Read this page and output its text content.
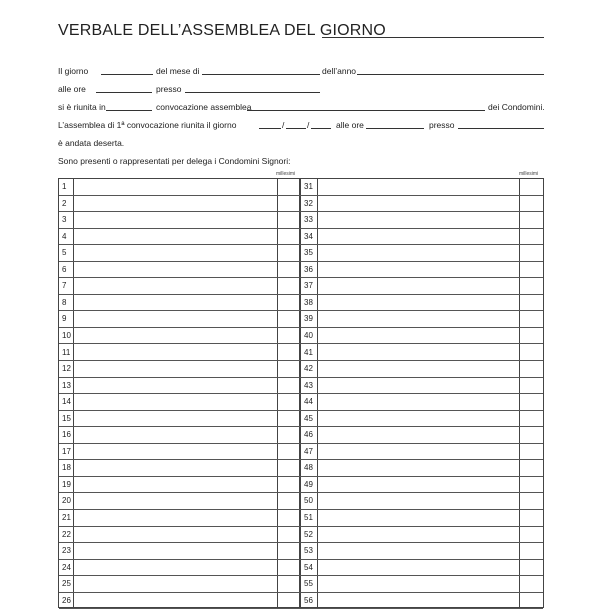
VERBALE DELL’ASSEMBLEA DEL GIORNO
Il giorno	del mese di	dell’anno
alle ore	presso
si è riunita in	convocazione assemblea	dei Condomini.
L’assemblea di 1ª convocazione riunita il giorno	/	/	alle ore	presso
è andata deserta.
Sono presenti o rappresentati per delega i Condomini Signori:
millesimi	millesimi
1	31
2	32
3	33
4	34
5	35
6	36
7	37
8	38
9	39
10	40
11	41
12	42
13	43
14	44
15	45
16	46
17	47
18	48
19	49
20	50
21	51
22	52
23	53
24	54
25	55
26	56
